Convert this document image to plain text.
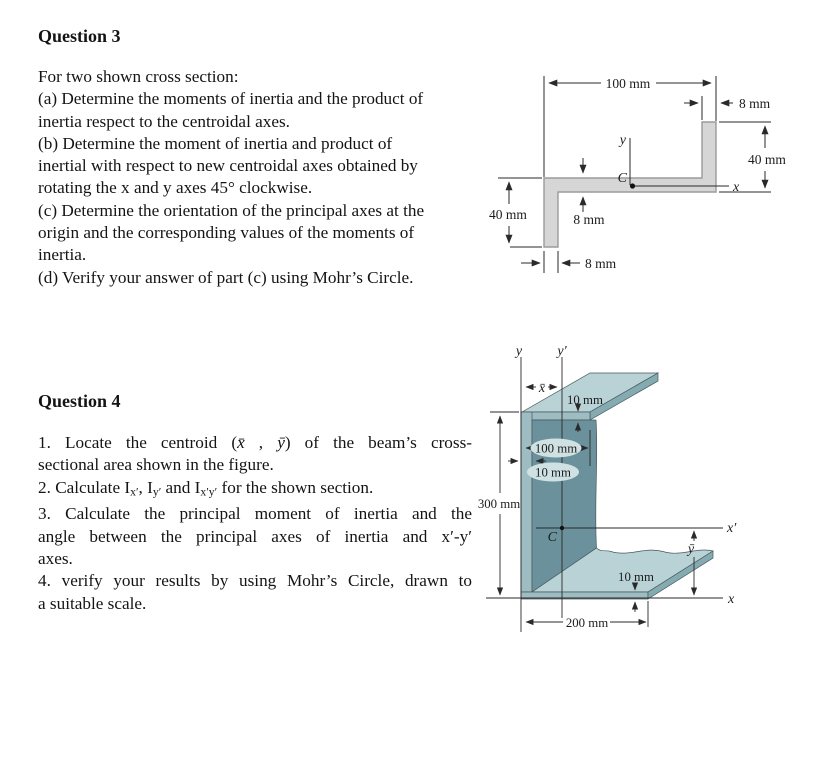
Question 3
For two shown cross section:
(a) Determine the moments of inertia and the product of
inertia respect to the centroidal axes.
(b) Determine the moment of inertia and product of
inertial with respect to new centroidal axes obtained by
rotating the x and y axes 45° clockwise.
(c) Determine the orientation of the principal axes at the
origin and the corresponding values of the moments of
inertia.
(d) Verify your answer of part (c) using Mohr’s Circle.
Question 4
1. Locate the centroid (x̄ , ȳ) of the beam’s cross-
sectional area shown in the figure.
2. Calculate $I_{x'}$, $I_{y'}$ and $I_{x'y'}$ for the shown section.
3. Calculate the principal moment of inertia and the
angle between the principal axes of inertia and x′-y′
axes.
4. verify your results by using Mohr’s Circle, drawn to
a suitable scale.
100 mm
8 mm
40 mm
40 mm	8 mm
8 mm
y
x
C
y	y′
x̄
10 mm
100 mm
10 mm
300 mm
C
x′
ȳ
10 mm
x
200 mm
